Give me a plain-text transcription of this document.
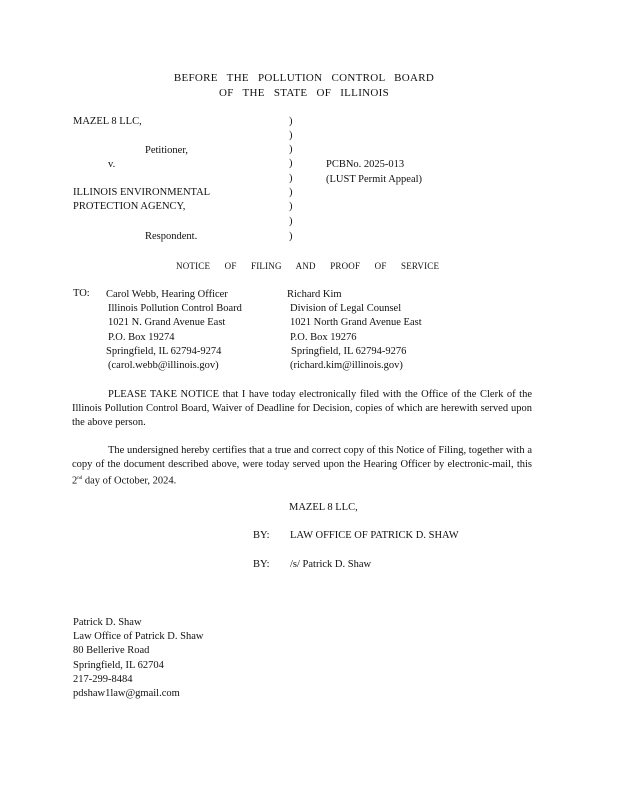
BEFORE THE POLLUTION CONTROL BOARD
OF THE STATE OF ILLINOIS
MAZEL 8 LLC,
Petitioner,
v.
ILLINOIS ENVIRONMENTAL
PROTECTION AGENCY,
Respondent.
)
)
)
)
)
)
)
)
)
PCBNo. 2025-013
(LUST Permit Appeal)
NOTICE OF FILING AND PROOF OF SERVICE
TO: Carol Webb, Hearing Officer
Illinois Pollution Control Board
1021 N. Grand Avenue East
P.O. Box 19274
Springfield, IL 62794-9274
(carol.webb@illinois.gov)
Richard Kim
Division of Legal Counsel
1021 North Grand Avenue East
P.O. Box 19276
Springfield, IL 62794-9276
(richard.kim@illinois.gov)
PLEASE TAKE NOTICE that I have today electronically filed with the Office of the Clerk of the Illinois Pollution Control Board, Waiver of Deadline for Decision, copies of which are herewith served upon the above person.
The undersigned hereby certifies that a true and correct copy of this Notice of Filing, together with a copy of the document described above, were today served upon the Hearing Officer by electronic-mail, this 2nd day of October, 2024.
MAZEL 8 LLC,
BY: LAW OFFICE OF PATRICK D. SHAW
BY: /s/ Patrick D. Shaw
Patrick D. Shaw
Law Office of Patrick D. Shaw
80 Bellerive Road
Springfield, IL 62704
217-299-8484
pdshaw1law@gmail.com
